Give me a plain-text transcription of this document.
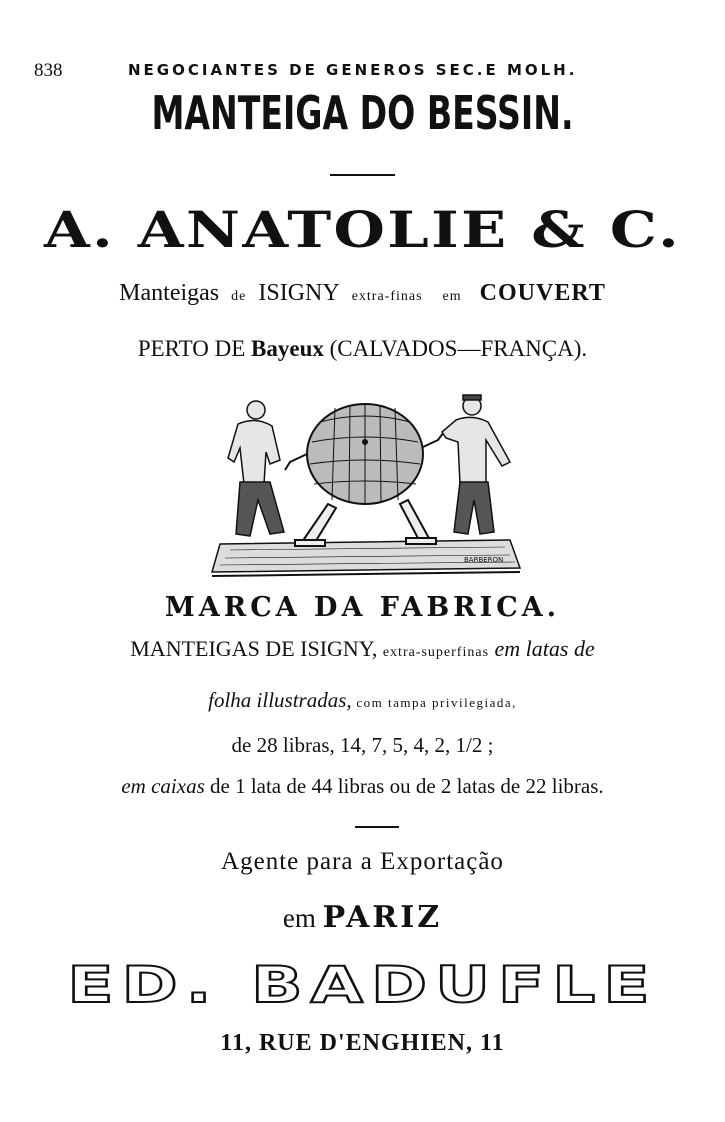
838	NEGOCIANTES DE GENEROS SEC.E MOLH.
MANTEIGA DO BESSIN.
A. ANATOLIE & C.
Manteigas de ISIGNY extra-finas em COUVERT
PERTO DE Bayeux (CALVADOS—FRANÇA).
BARBERON
MARCA DA FABRICA.
MANTEIGAS DE ISIGNY, extra-superfinas em latas de
folha illustradas, com tampa privilegiada,
de 28 libras, 14, 7, 5, 4, 2, 1/2 ;
em caixas de 1 lata de 44 libras ou de 2 latas de 22 libras.
Agente para a Exportação
em PARIZ
ED. BADUFLE
11, RUE D'ENGHIEN, 11
